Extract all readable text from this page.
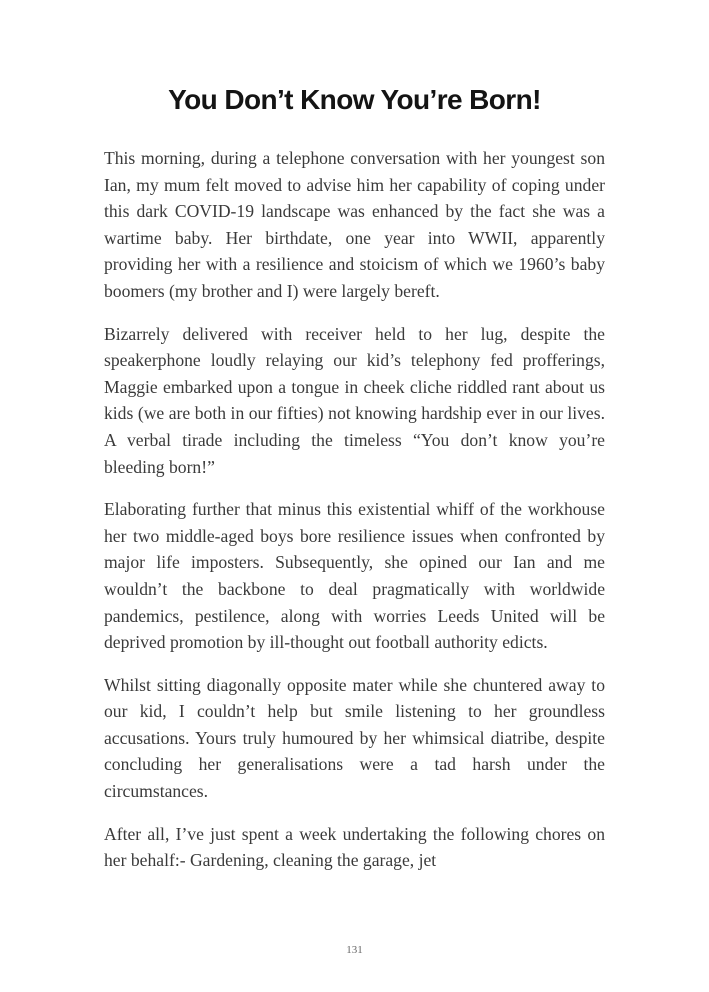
You Don’t Know You’re Born!

This morning, during a telephone conversation with her youngest son Ian, my mum felt moved to advise him her capability of coping under this dark COVID-19 landscape was enhanced by the fact she was a wartime baby. Her birthdate, one year into WWII, apparently providing her with a resilience and stoicism of which we 1960’s baby boomers (my brother and I) were largely bereft.

Bizarrely delivered with receiver held to her lug, despite the speakerphone loudly relaying our kid’s telephony fed profferings, Maggie embarked upon a tongue in cheek cliche riddled rant about us kids (we are both in our fifties) not knowing hardship ever in our lives. A verbal tirade including the timeless “You don’t know you’re bleeding born!”

Elaborating further that minus this existential whiff of the workhouse her two middle-aged boys bore resilience issues when confronted by major life imposters. Subsequently, she opined our Ian and me wouldn’t the backbone to deal pragmatically with worldwide pandemics, pestilence, along with worries Leeds United will be deprived promotion by ill-thought out football authority edicts.

Whilst sitting diagonally opposite mater while she chuntered away to our kid, I couldn’t help but smile listening to her groundless accusations. Yours truly humoured by her whimsical diatribe, despite concluding her generalisations were a tad harsh under the circumstances.

After all, I’ve just spent a week undertaking the following chores on her behalf:- Gardening, cleaning the garage, jet

131
